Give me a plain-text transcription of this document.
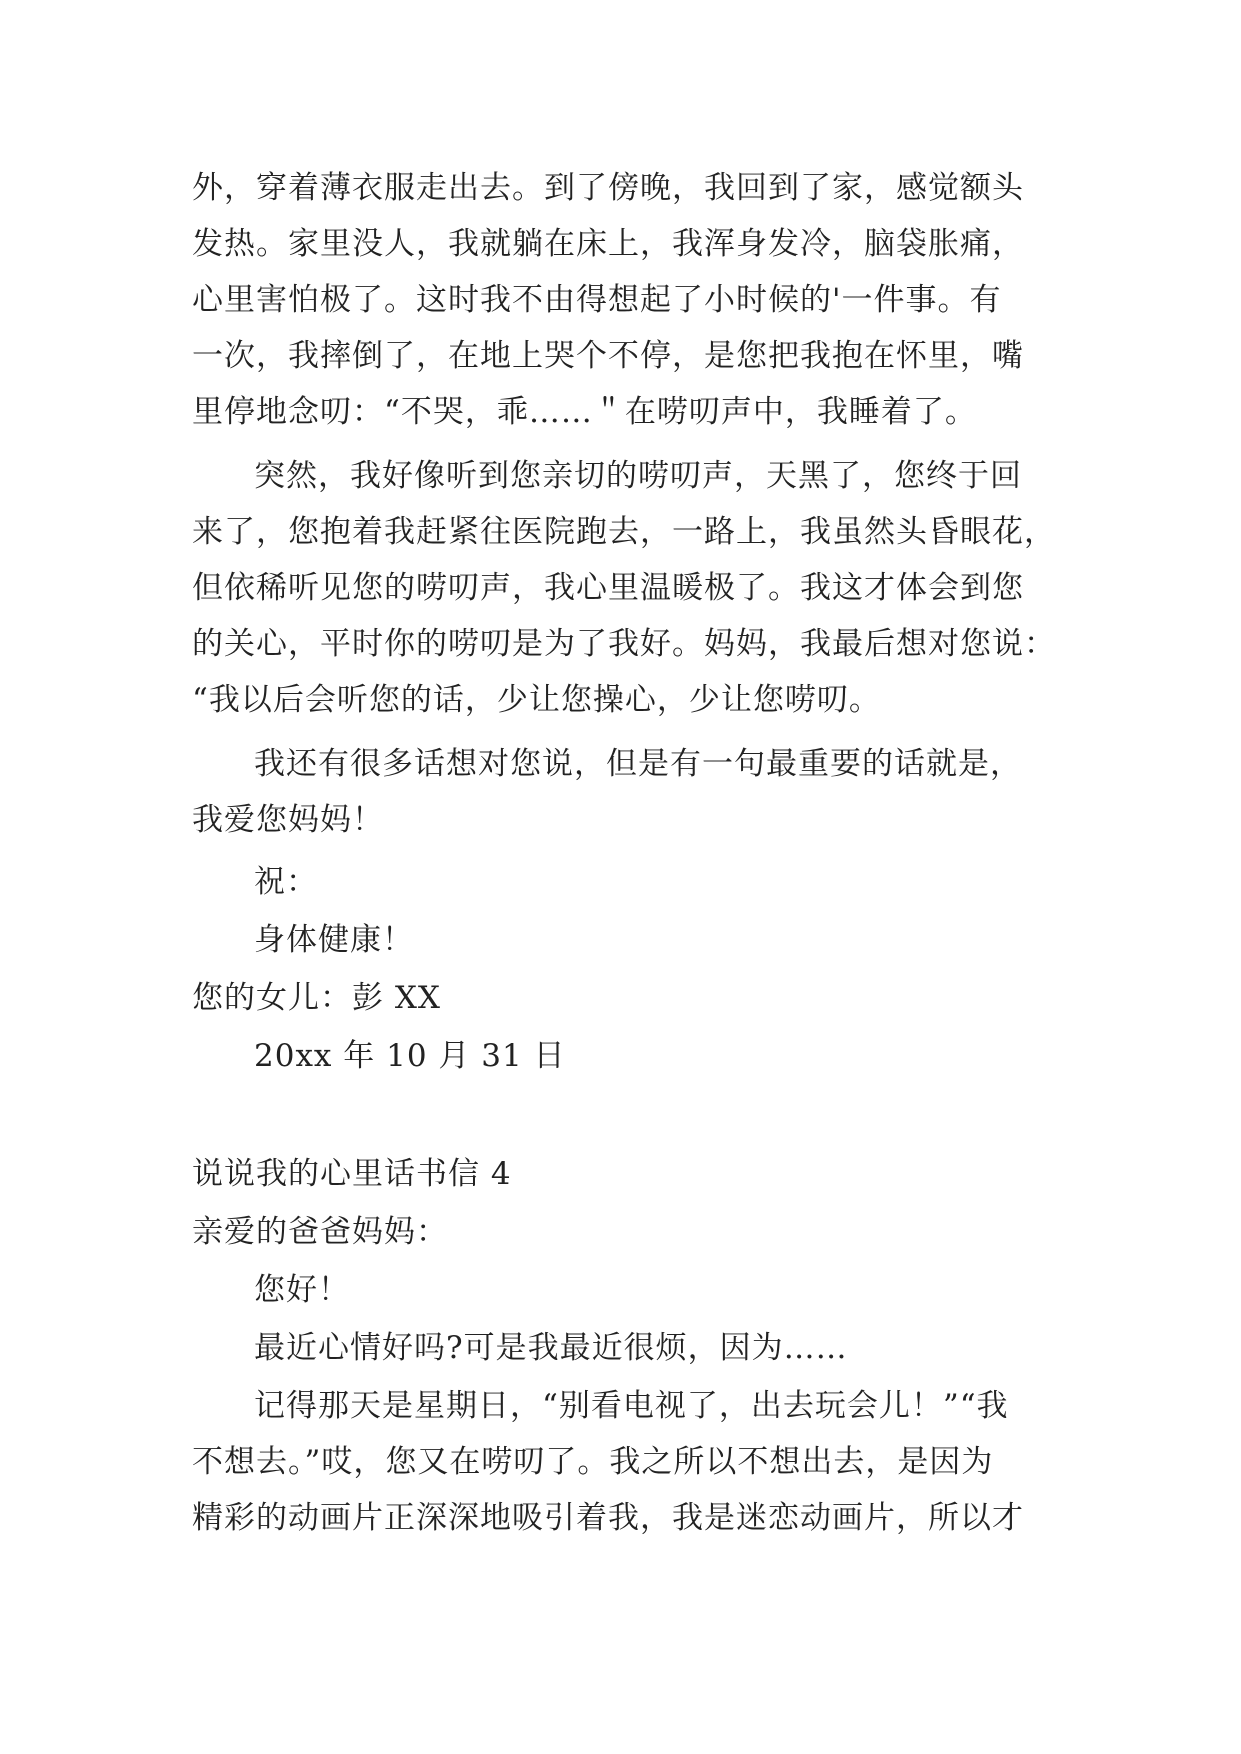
外，穿着薄衣服走出去。到了傍晚，我回到了家，感觉额头
发热。家里没人，我就躺在床上，我浑身发冷，脑袋胀痛，
心里害怕极了。这时我不由得想起了小时候的'一件事。有
一次，我摔倒了，在地上哭个不停，是您把我抱在怀里，嘴
里停地念叨：“不哭，乖……＂在唠叨声中，我睡着了。
突然，我好像听到您亲切的唠叨声，天黑了，您终于回
来了，您抱着我赶紧往医院跑去，一路上，我虽然头昏眼花，
但依稀听见您的唠叨声，我心里温暖极了。我这才体会到您
的关心，平时你的唠叨是为了我好。妈妈，我最后想对您说：
“我以后会听您的话，少让您操心，少让您唠叨。
我还有很多话想对您说，但是有一句最重要的话就是，
我爱您妈妈！
祝：
身体健康！
您的女儿：彭 XX
20xx 年 10 月 31 日
说说我的心里话书信 4
亲爱的爸爸妈妈：
您好！
最近心情好吗?可是我最近很烦，因为……
记得那天是星期日，“别看电视了，出去玩会儿！”“我
不想去。”哎，您又在唠叨了。我之所以不想出去，是因为
精彩的动画片正深深地吸引着我，我是迷恋动画片，所以才
